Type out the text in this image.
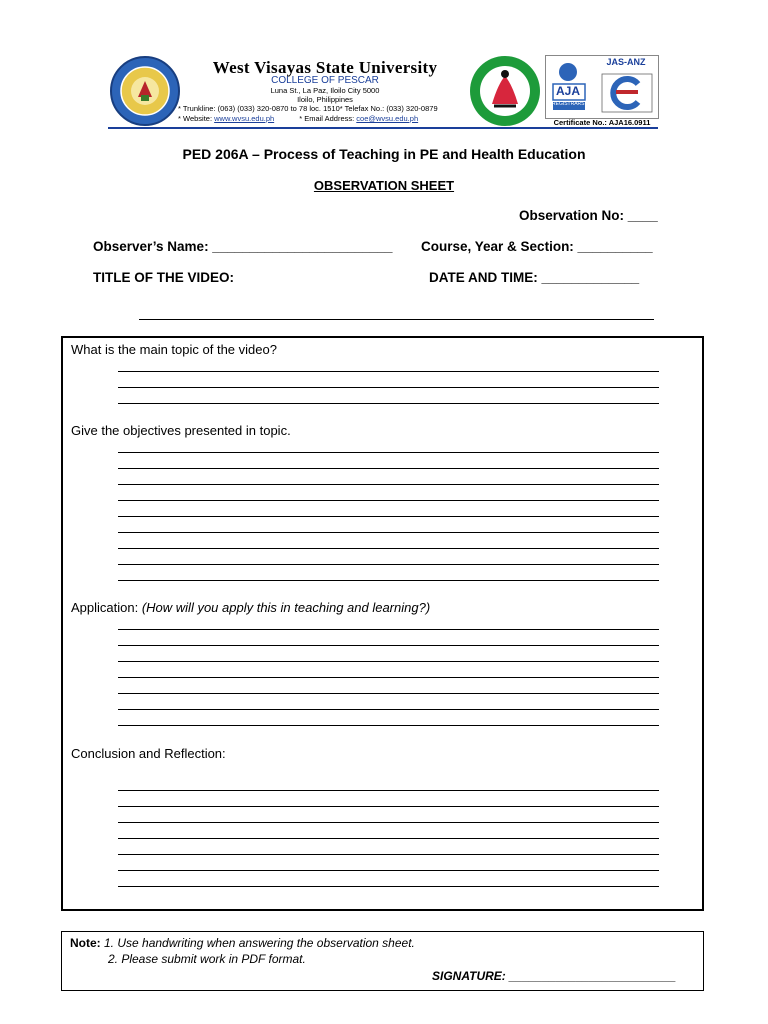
West Visayas State University
COLLEGE OF PESCAR
Luna St., La Paz, Iloilo City 5000
Iloilo, Philippines
* Trunkline: (063) (033) 320-0870 to 78 loc. 1510* Telefax No.: (033) 320-0879
* Website: www.wvsu.edu.ph	* Email Address: coe@wvsu.edu.ph
JAS-ANZ
AJA
REGISTRARS
Certificate No.: AJA16.0911
PED 206A – Process of Teaching in PE and Health Education
OBSERVATION SHEET
Observation No: ____
Observer’s Name: ________________________ Course, Year & Section: __________
TITLE OF THE VIDEO:	DATE AND TIME: _____________
What is the main topic of the video?
Give the objectives presented in topic.
Application: (How will you apply this in teaching and learning?)
Conclusion and Reflection:
Note: 1. Use handwriting when answering the observation sheet.
2. Please submit work in PDF format.
SIGNATURE: _________________________
